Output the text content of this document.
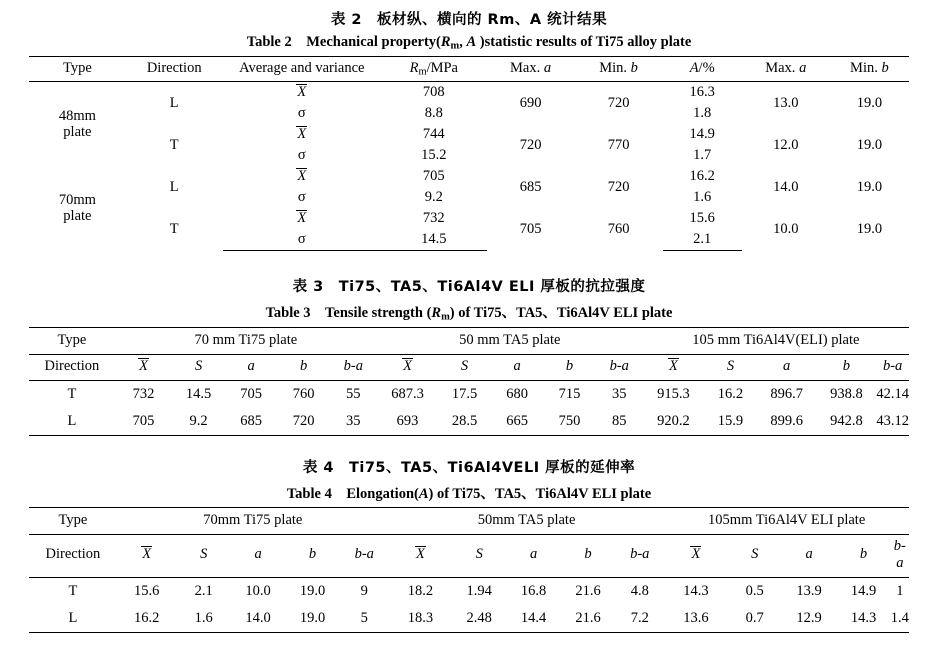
表 2　板材纵、横向的 Rm、A 统计结果
Table 2    Mechanical $property(R_m$, A )statistic results of Ti75 alloy plate
Type	Direction	Average and variance	$R_m$/MPa	Max. a	Min. b	A/%	Max. a	Min. b
48mm
plate	L	X	708	690	720	16.3	13.0	19.0
		σ	8.8			1.8		
	T	X	744	720	770	14.9	12.0	19.0
		σ	15.2			1.7		
70mm
plate	L	X	705	685	720	16.2	14.0	19.0
		σ	9.2			1.6		
	T	X	732	705	760	15.6	10.0	19.0
		σ	14.5			2.1		
表 3　Ti75、TA5、Ti6Al4V ELI 厚板的抗拉强度
Table 3    Tensile strength $(R_m)$ of Ti75、TA5、Ti6Al4V ELI plate
Type	70 mm Ti75 plate					50 mm TA5 plate					105 mm Ti6Al4V(ELI) plate				
Direction	X	S	a	b	b-a	X	S	a	b	b-a	X	S	a	b	b-a
T	732	14.5	705	760	55	687.3	17.5	680	715	35	915.3	16.2	896.7	938.8	42.14
L	705	9.2	685	720	35	693	28.5	665	750	85	920.2	15.9	899.6	942.8	43.12
表 4　Ti75、TA5、Ti6Al4VELI 厚板的延伸率
Table 4    Elongation(A) of Ti75、TA5、Ti6Al4V ELI plate
Type	70mm Ti75 plate					50mm TA5 plate					105mm Ti6Al4V ELI plate				
Direction	X	S	a	b	b-a	X	S	a	b	b-a	X	S	a	b	b-a
T	15.6	2.1	10.0	19.0	9	18.2	1.94	16.8	21.6	4.8	14.3	0.5	13.9	14.9	1
L	16.2	1.6	14.0	19.0	5	18.3	2.48	14.4	21.6	7.2	13.6	0.7	12.9	14.3	1.4
